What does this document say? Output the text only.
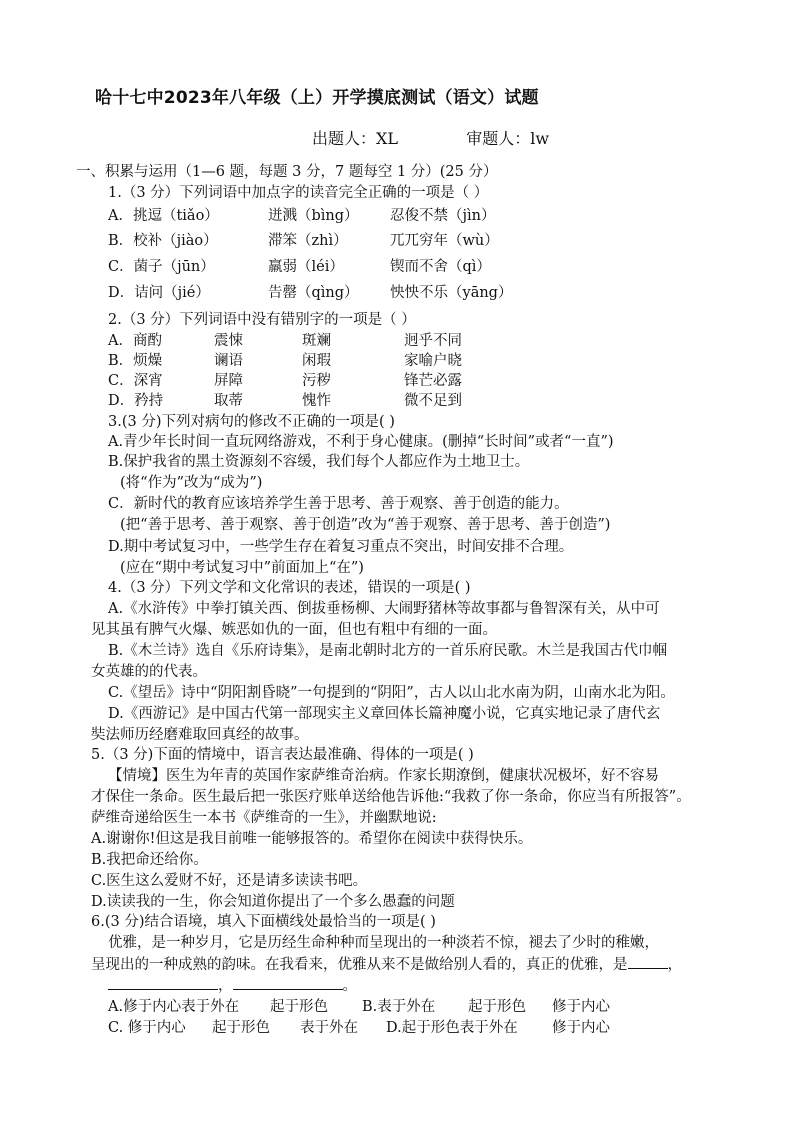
哈十七中2023年八年级（上）开学摸底测试（语文）试题
出题人：XL	审题人：lw
一、积累与运用（1—6 题，每题 3 分，7 题每空 1 分）(25 分）
1.（3 分）下列词语中加点字的读音完全正确的一项是（ ）
A．挑逗（tiǎo）	迸溅（bìng） 忍俊不禁（jìn）
B．校补（jiào）	滞笨（zhì）	兀兀穷年（wù）
C．菌子（jūn）	羸弱（léi）	锲而不舍（qì）
D．诘问（jié）	告罄（qìng） 怏怏不乐（yāng）
2.（3 分）下列词语中没有错别字的一项是（ ）
A．商酌	震悚	斑斓	迥乎不同
B．烦燥	谰语	闲瑕	家喻户晓
C．深宵	屏障	污秽	锋芒必露
D．矜持	取蒂	愧怍	微不足到
3.(3 分)下列对病句的修改不正确的一项是( )
A.青少年长时间一直玩网络游戏，不利于身心健康。(删掉“长时间”或者“一直”)
B.保护我省的黑土资源刻不容缓，我们每个人都应作为土地卫士。
(将“作为”改为“成为”)
C．新时代的教育应该培养学生善于思考、善于观察、善于创造的能力。
(把“善于思考、善于观察、善于创造”改为“善于观察、善于思考、善于创造”)
D.期中考试复习中，一些学生存在着复习重点不突出，时间安排不合理。
(应在“期中考试复习中”前面加上“在”)
4.（3 分）下列文学和文化常识的表述，错误的一项是( )
A.《水浒传》中拳打镇关西、倒拔垂杨柳、大闹野猪林等故事都与鲁智深有关，从中可
见其虽有脾气火爆、嫉恶如仇的一面，但也有粗中有细的一面。
B.《木兰诗》选自《乐府诗集》，是南北朝时北方的一首乐府民歌。木兰是我国古代巾帼
女英雄的的代表。
C.《望岳》诗中“阴阳割昏晓”一句提到的“阴阳”，古人以山北水南为阴，山南水北为阳。
D.《西游记》是中国古代第一部现实主义章回体长篇神魔小说，它真实地记录了唐代玄
奘法师历经磨难取回真经的故事。
5.（3 分)下面的情境中，语言表达最准确、得体的一项是( )
【情境】医生为年青的英国作家萨维奇治病。作家长期潦倒，健康状况极坏，好不容易
才保住一条命。医生最后把一张医疗账单送给他告诉他:“我救了你一条命，你应当有所报答”。
萨维奇递给医生一本书《萨维奇的一生》，并幽默地说:
A.谢谢你!但这是我目前唯一能够报答的。希望你在阅读中获得快乐。
B.我把命还给你。
C.医生这么爱财不好，还是请多读读书吧。
D.读读我的一生，你会知道你提出了一个多么愚蠢的问题
6.(3 分)结合语境，填入下面横线处最恰当的一项是( )
优雅，是一种岁月，它是历经生命种种而呈现出的一种淡若不惊，褪去了少时的稚嫩，
呈现出的一种成熟的韵味。在我看来，优雅从来不是做给别人看的，真正的优雅，是	，
，	。
A.修于内心表于外在 起于形色 B.表于外在 起于形色 修于内心
C. 修于内心 起于形色 表于外在 D.起于形色表于外在 修于内心
